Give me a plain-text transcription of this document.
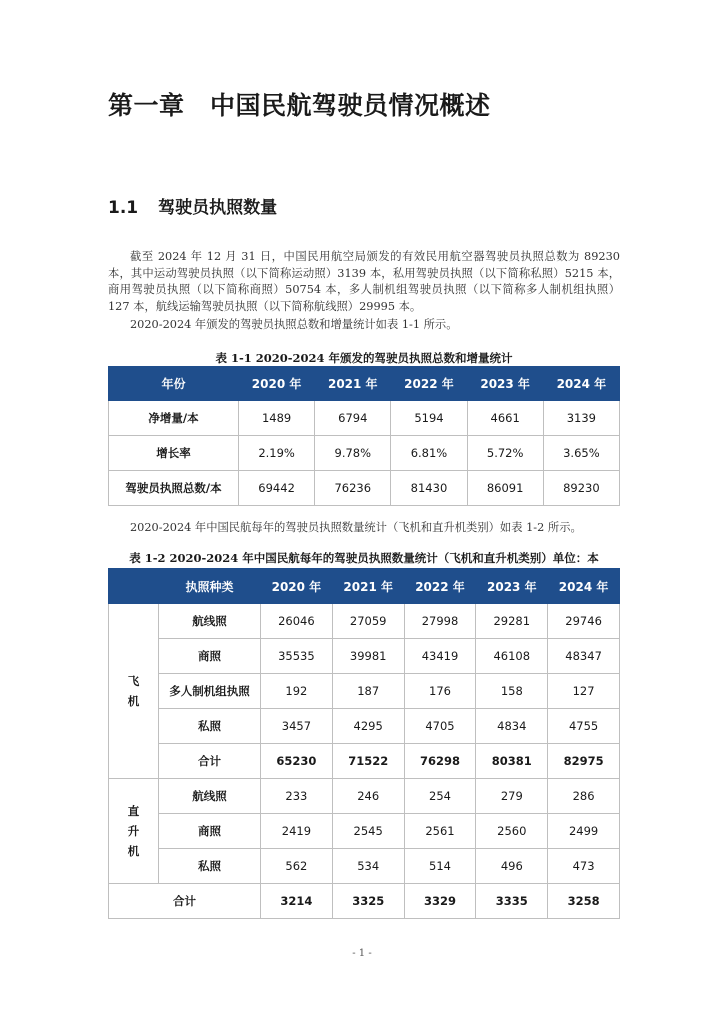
第一章　中国民航驾驶员情况概述
1.1 驾驶员执照数量

截至 2024 年 12 月 31 日，中国民用航空局颁发的有效民用航空器驾驶员执照总数为 89230 本，其中运动驾驶员执照（以下简称运动照）3139 本，私用驾驶员执照（以下简称私照）5215 本，商用驾驶员执照（以下简称商照）50754 本，多人制机组驾驶员执照（以下简称多人制机组执照）127 本，航线运输驾驶员执照（以下简称航线照）29995 本。

2020-2024 年颁发的驾驶员执照总数和增量统计如表 1-1 所示。

表 1-1 2020-2024 年颁发的驾驶员执照总数和增量统计
年份	2020 年	2021 年	2022 年	2023 年	2024 年
净增量/本	1489	6794	5194	4661	3139
增长率	2.19%	9.78%	6.81%	5.72%	3.65%
驾驶员执照总数/本	69442	76236	81430	86091	89230

2020-2024 年中国民航每年的驾驶员执照数量统计（飞机和直升机类别）如表 1-2 所示。

表 1-2 2020-2024 年中国民航每年的驾驶员执照数量统计（飞机和直升机类别）单位：本
	执照种类	2020 年	2021 年	2022 年	2023 年	2024 年

飞
机	航线照	26046	27059	27998	29281	29746
	商照	35535	39981	43419	46108	48347
	多人制机组执照	192	187	176	158	127
	私照	3457	4295	4705	4834	4755
	合计	65230	71522	76298	80381	82975

直
升
机	航线照	233	246	254	279	286
	商照	2419	2545	2561	2560	2499
	私照	562	534	514	496	473
合计		3214	3325	3329	3335	3258
- 1 -
